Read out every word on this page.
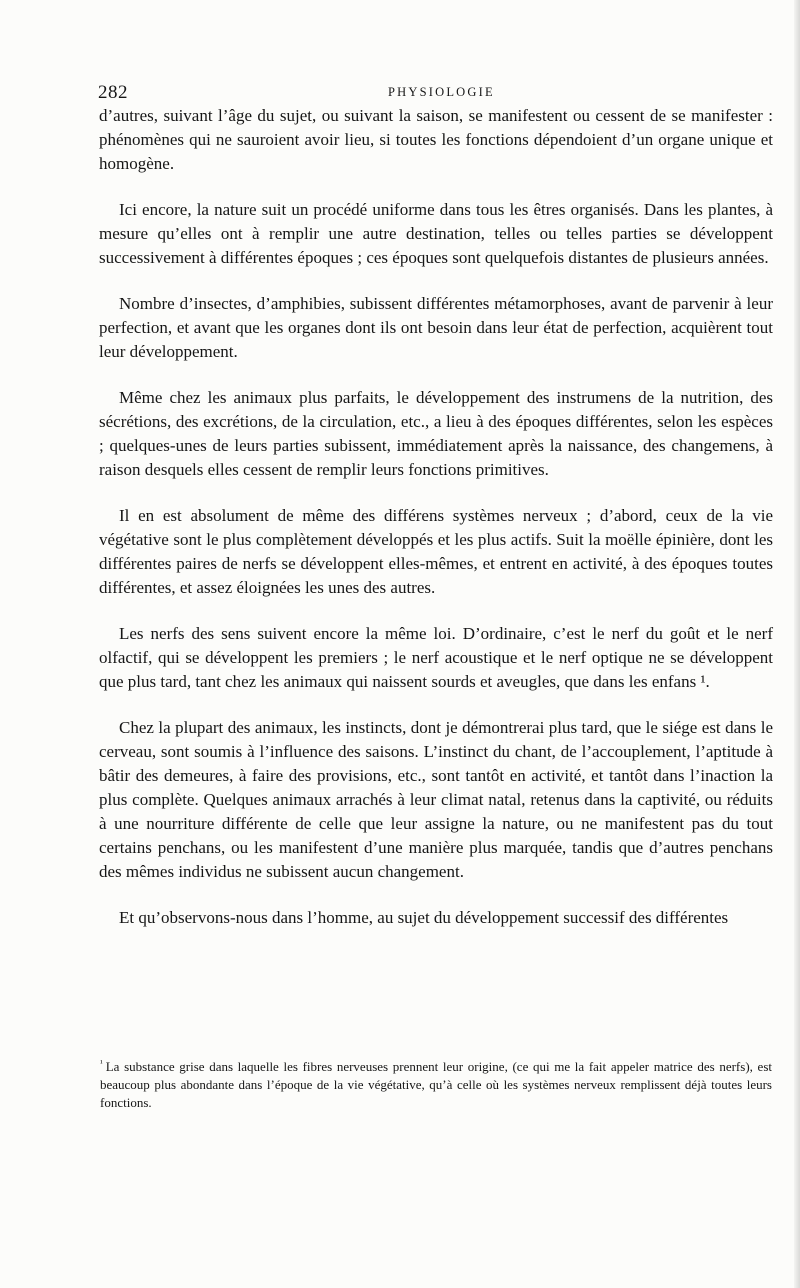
282	PHYSIOLOGIE

d’autres, suivant l’âge du sujet, ou suivant la saison, se manifestent ou cessent de se manifester : phénomènes qui ne sauroient avoir lieu, si toutes les fonctions dépendoient d’un organe unique et homogène.

Ici encore, la nature suit un procédé uniforme dans tous les êtres organisés. Dans les plantes, à mesure qu’elles ont à remplir une autre destination, telles ou telles parties se développent successivement à différentes époques ; ces époques sont quelquefois distantes de plusieurs années.

Nombre d’insectes, d’amphibies, subissent différentes métamorphoses, avant de parvenir à leur perfection, et avant que les organes dont ils ont besoin dans leur état de perfection, acquièrent tout leur développement.

Même chez les animaux plus parfaits, le développement des instrumens de la nutrition, des sécrétions, des excrétions, de la circulation, etc., a lieu à des époques différentes, selon les espèces ; quelques-unes de leurs parties subissent, immédiatement après la naissance, des changemens, à raison desquels elles cessent de remplir leurs fonctions primitives.

Il en est absolument de même des différens systèmes nerveux ; d’abord, ceux de la vie végétative sont le plus complètement développés et les plus actifs. Suit la moëlle épinière, dont les différentes paires de nerfs se développent elles-mêmes, et entrent en activité, à des époques toutes différentes, et assez éloignées les unes des autres.

Les nerfs des sens suivent encore la même loi. D’ordinaire, c’est le nerf du goût et le nerf olfactif, qui se développent les premiers ; le nerf acoustique et le nerf optique ne se développent que plus tard, tant chez les animaux qui naissent sourds et aveugles, que dans les enfans ¹.

Chez la plupart des animaux, les instincts, dont je démontrerai plus tard, que le siége est dans le cerveau, sont soumis à l’influence des saisons. L’instinct du chant, de l’accouplement, l’aptitude à bâtir des demeures, à faire des provisions, etc., sont tantôt en activité, et tantôt dans l’inaction la plus complète. Quelques animaux arrachés à leur climat natal, retenus dans la captivité, ou réduits à une nourriture différente de celle que leur assigne la nature, ou ne manifestent pas du tout certains penchans, ou les manifestent d’une manière plus marquée, tandis que d’autres penchans des mêmes individus ne subissent aucun changement.

Et qu’observons-nous dans l’homme, au sujet du développement successif des différentes

$^{^1}$ La substance grise dans laquelle les fibres nerveuses prennent leur origine, (ce qui me la fait appeler matrice des nerfs), est beaucoup plus abondante dans l’époque de la vie végétative, qu’à celle où les systèmes nerveux remplissent déjà toutes leurs fonctions.
